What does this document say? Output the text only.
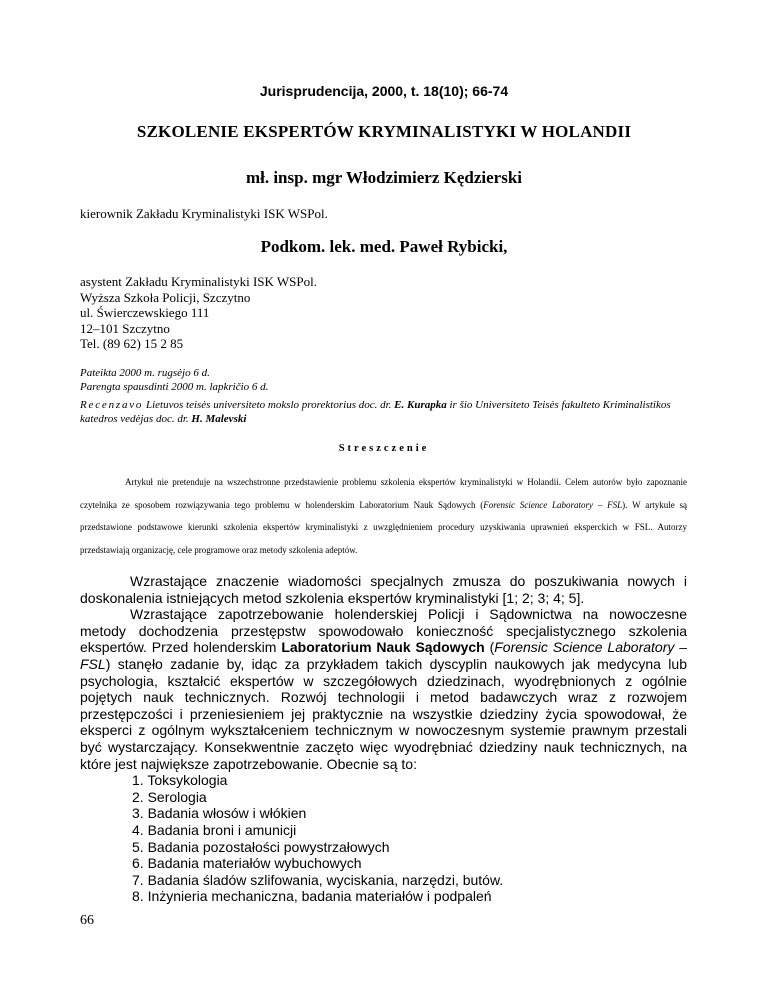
Jurisprudencija, 2000, t. 18(10); 66-74
SZKOLENIE EKSPERTÓW KRYMINALISTYKI W HOLANDII
mł. insp. mgr Włodzimierz Kędzierski
kierownik Zakładu Kryminalistyki ISK WSPol.
Podkom. lek. med. Paweł Rybicki,
asystent Zakładu Kryminalistyki ISK WSPol.
Wyższa Szkoła Policji, Szczytno
ul. Świerczewskiego 111
12–101 Szczytno
Tel. (89 62) 15 2 85
Pateikta 2000 m. rugsėjo 6 d.
Parengta spausdinti 2000 m. lapkričio 6 d.
Recenzavo Lietuvos teisės universiteto mokslo prorektorius doc. dr. E. Kurapka ir šio Universiteto Teisės fakulteto Kriminalistikos katedros vedėjas doc. dr. H. Malevski
Streszczenie
Artykuł nie pretenduje na wszechstronne przedstawienie problemu szkolenia ekspertów kryminalistyki w Holandii. Celem autorów było zapoznanie czytelnika ze sposobem rozwiązywania tego problemu w holenderskim Laboratorium Nauk Sądowych (Forensic Science Laboratory – FSL). W artykule są przedstawione podstawowe kierunki szkolenia ekspertów kryminalistyki z uwzględnieniem procedury uzyskiwania uprawnień eksperckich w FSL. Autorzy przedstawiają organizację, cele programowe oraz metody szkolenia adeptów.

Wzrastające znaczenie wiadomości specjalnych zmusza do poszukiwania nowych i doskonalenia istniejących metod szkolenia ekspertów kryminalistyki [1; 2; 3; 4; 5].

Wzrastające zapotrzebowanie holenderskiej Policji i Sądownictwa na nowoczesne metody dochodzenia przestępstw spowodowało konieczność specjalistycznego szkolenia ekspertów. Przed holenderskim Laboratorium Nauk Sądowych (Forensic Science Laboratory – FSL) stanęło zadanie by, idąc za przykładem takich dyscyplin naukowych jak medycyna lub psychologia, kształcić ekspertów w szczegółowych dziedzinach, wyodrębnionych z ogólnie pojętych nauk technicznych. Rozwój technologii i metod badawczych wraz z rozwojem przestępczości i przeniesieniem jej praktycznie na wszystkie dziedziny życia spowodował, że eksperci z ogólnym wykształceniem technicznym w nowoczesnym systemie prawnym przestali być wystarczający. Konsekwentnie zaczęto więc wyodrębniać dziedziny nauk technicznych, na które jest największe zapotrzebowanie. Obecnie są to:

1. Toksykologia
2. Serologia
3. Badania włosów i włókien
4. Badania broni i amunicji
5. Badania pozostałości powystrzałowych
6. Badania materiałów wybuchowych
7. Badania śladów szlifowania, wyciskania, narzędzi, butów.
8. Inżynieria mechaniczna, badania materiałów i podpaleń
66
